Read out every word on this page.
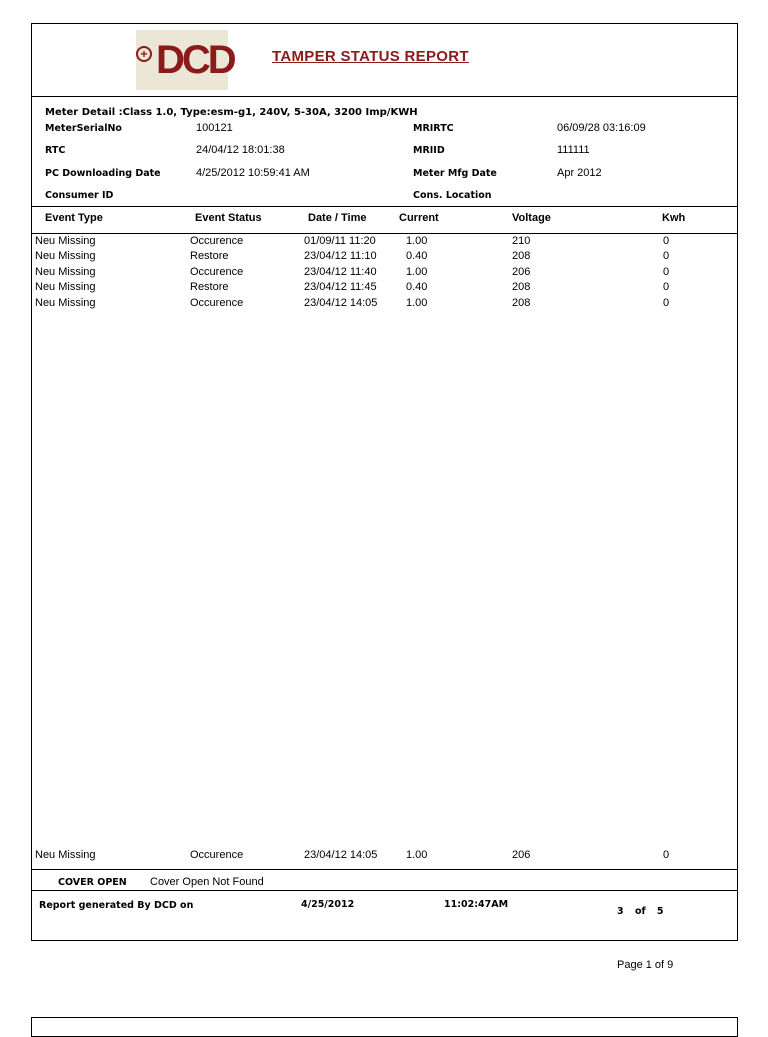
+ DCD	TAMPER STATUS REPORT
Meter Detail :Class 1.0, Type:esm-g1, 240V, 5-30A, 3200 Imp/KWH
MeterSerialNo	100121	MRIRTC	06/09/28 03:16:09
RTC	24/04/12 18:01:38	MRIID	111111
PC Downloading Date	4/25/2012 10:59:41 AM	Meter Mfg Date	Apr 2012
Consumer ID	Cons. Location
Event Type	Event Status	Date / Time	Current	Voltage	Kwh
Neu Missing	Occurence	01/09/11 11:20	1.00	210	0
Neu Missing	Restore	23/04/12 11:10	0.40	208	0
Neu Missing	Occurence	23/04/12 11:40	1.00	206	0
Neu Missing	Restore	23/04/12 11:45	0.40	208	0
Neu Missing	Occurence	23/04/12 14:05	1.00	208	0
Neu Missing	Occurence	23/04/12 14:05	1.00	206	0
COVER OPEN Cover Open Not Found
Report generated By DCD on	4/25/2012	11:02:47AM
3 of 5
Page 1 of 9
